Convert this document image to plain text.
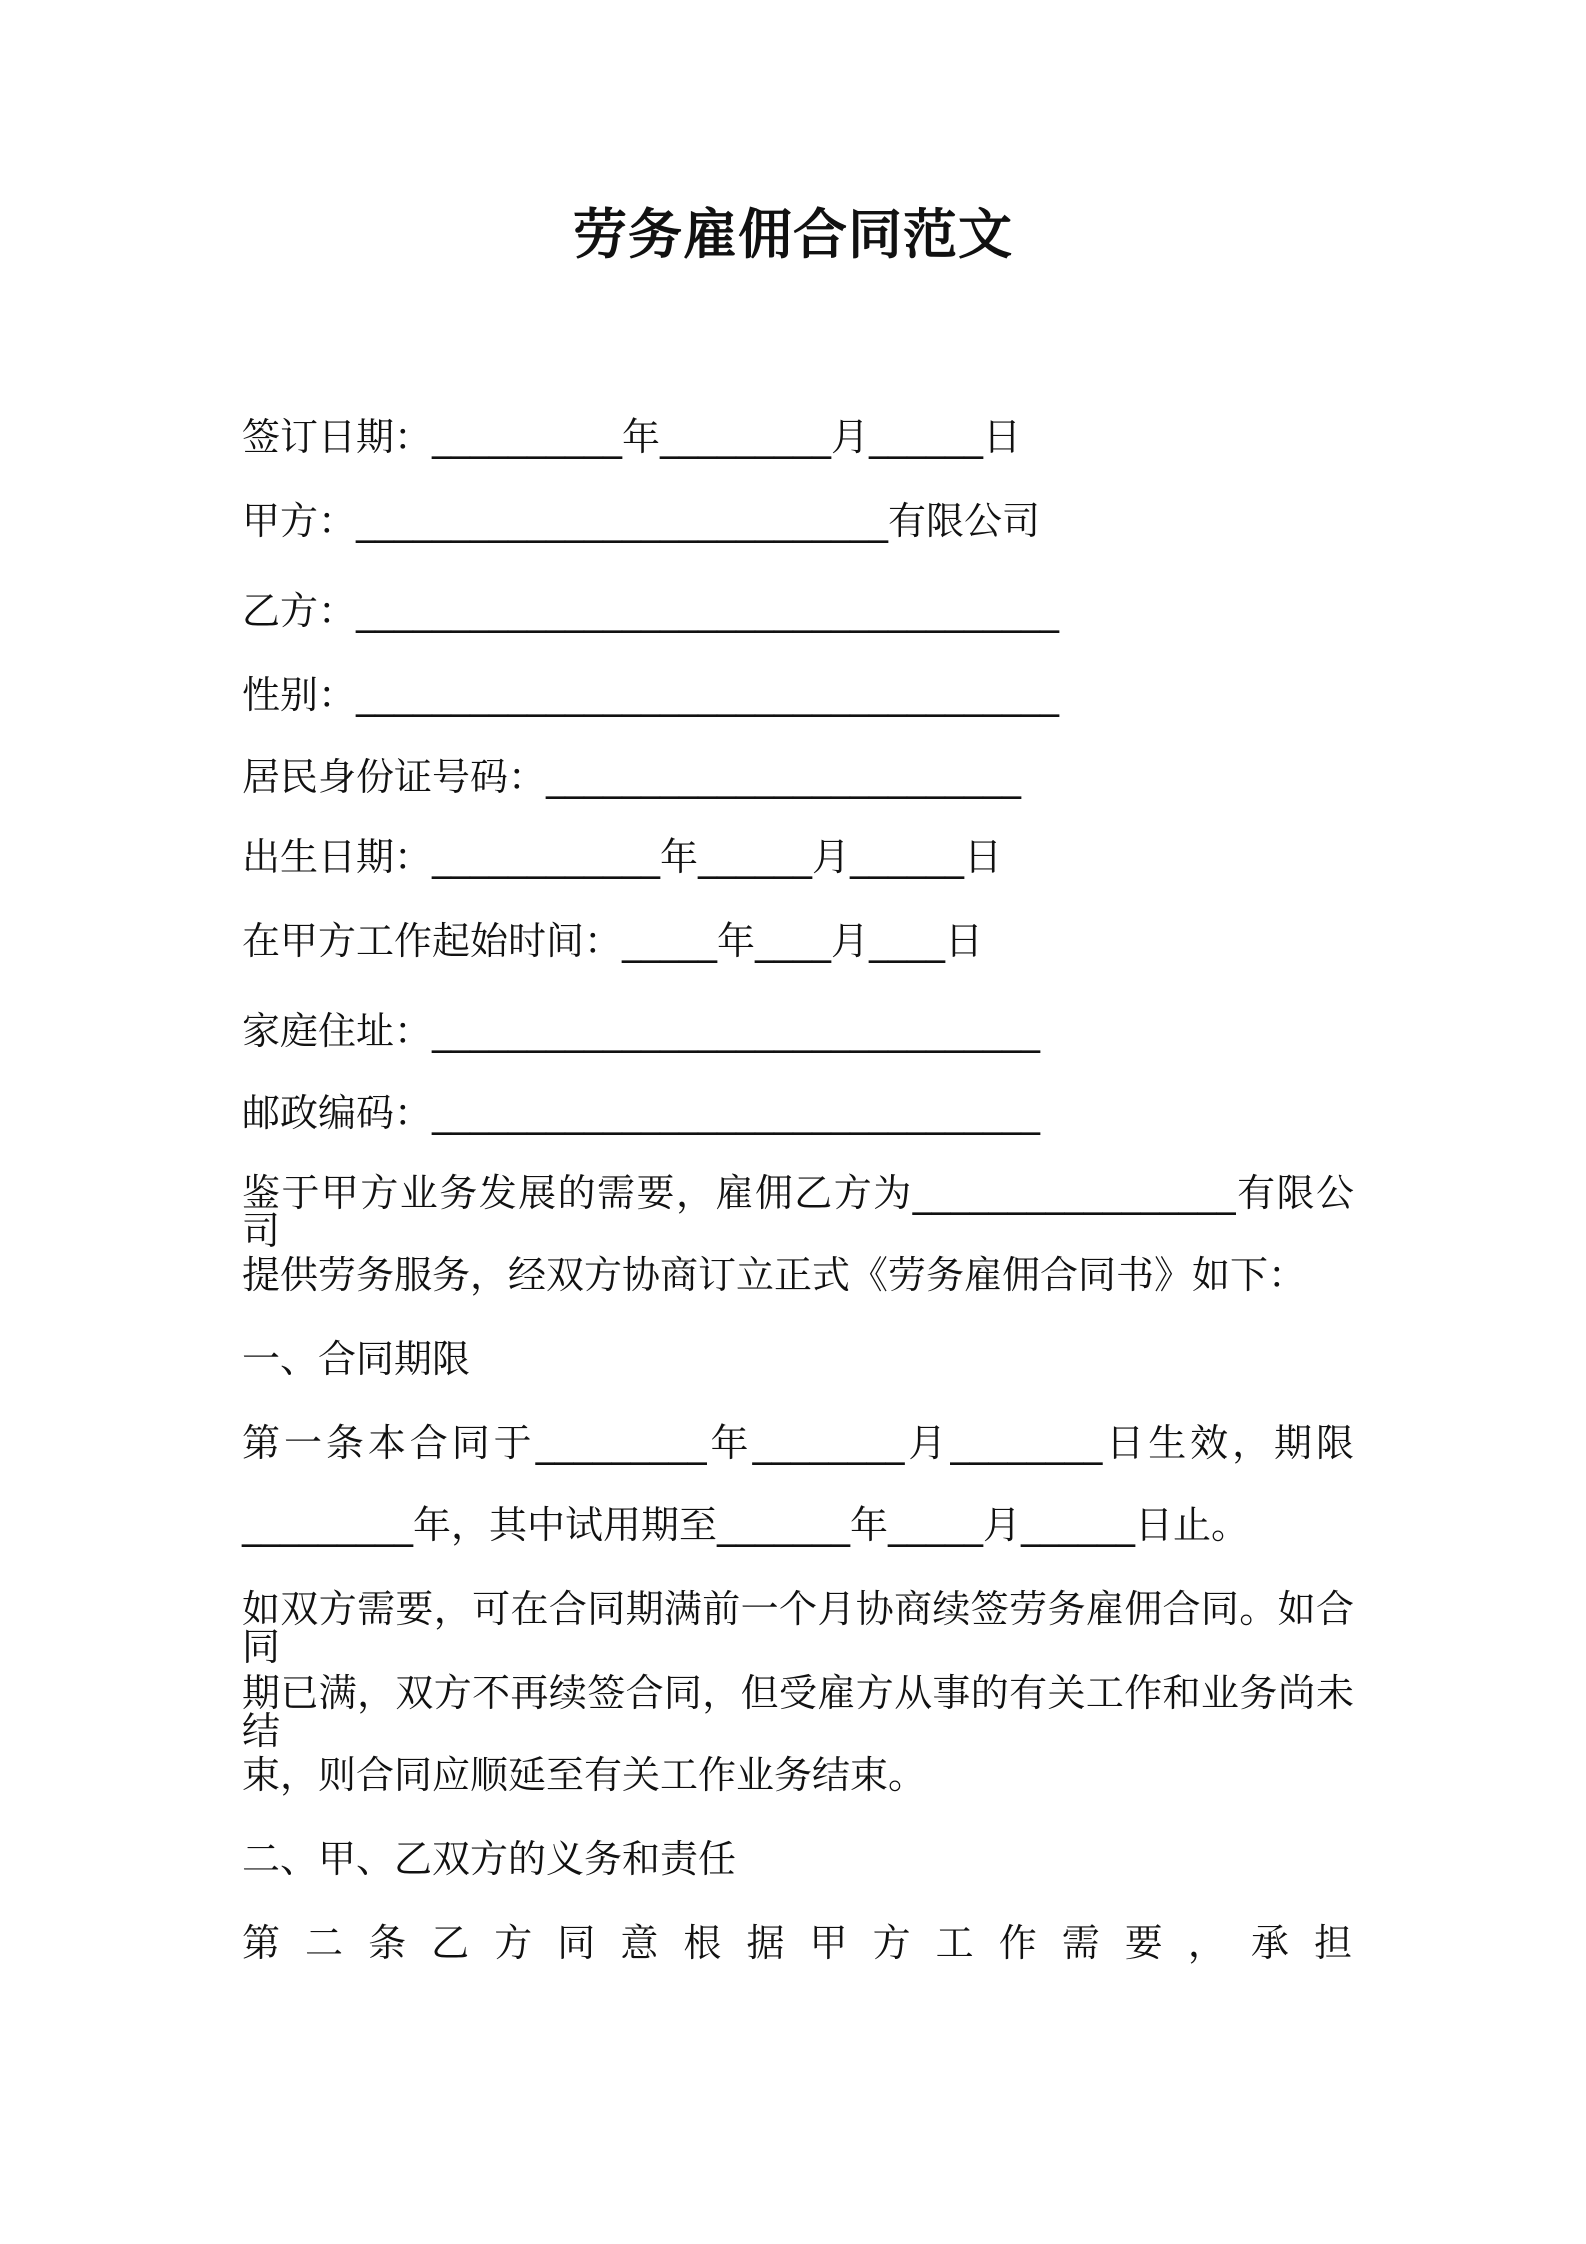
劳务雇佣合同范文
签订日期：__________年_________月______日
甲方：____________________________有限公司
乙方：_____________________________________
性别：_____________________________________
居民身份证号码：_________________________
出生日期：____________年______月______日
在甲方工作起始时间：_____年____月____日
家庭住址：________________________________
邮政编码：________________________________
鉴于甲方业务发展的需要，雇佣乙方为_________________有限公司
提供劳务服务，经双方协商订立正式《劳务雇佣合同书》如下：
一、合同期限
第一条本合同于_________年________月________日生效，期限
_________年，其中试用期至_______年_____月______日止。
如双方需要，可在合同期满前一个月协商续签劳务雇佣合同。如合同
期已满，双方不再续签合同，但受雇方从事的有关工作和业务尚未结
束，则合同应顺延至有关工作业务结束。
二、甲、乙双方的义务和责任
第二条乙方同意根据甲方工作需要，承担
